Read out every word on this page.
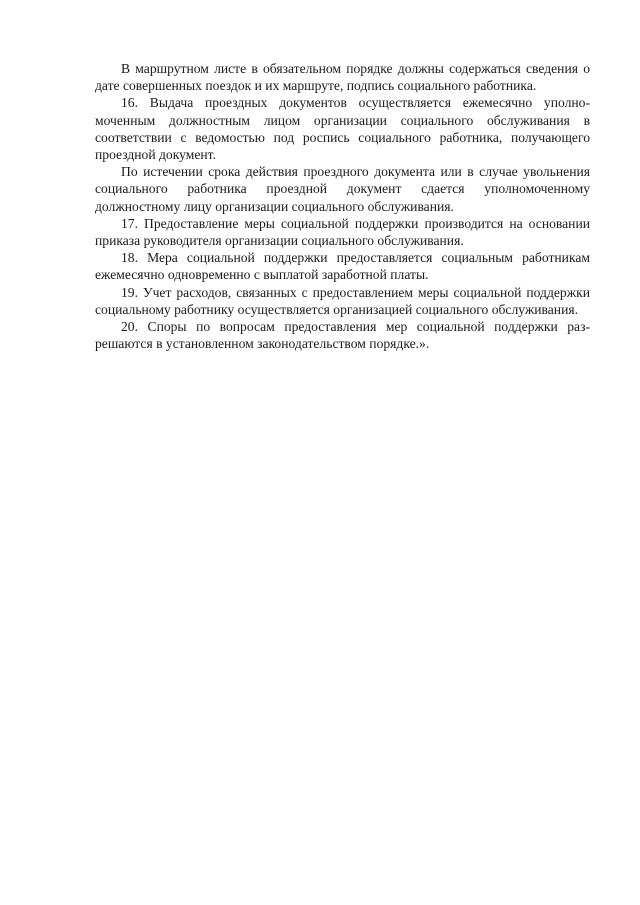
В маршрутном листе в обязательном порядке должны содержаться сведения о дате совершенных поездок и их маршруте, подпись социального работника.

16. Выдача проездных документов осуществляется ежемесячно уполномоченным должностным лицом организации социального обслуживания в соответствии с ведомостью под роспись социального работника, получающего проездной документ.

По истечении срока действия проездного документа или в случае увольнения социального работника проездной документ сдается уполномоченному должностному лицу организации социального обслуживания.

17. Предоставление меры социальной поддержки производится на основании приказа руководителя организации социального обслуживания.

18. Мера социальной поддержки предоставляется социальным работникам ежемесячно одновременно с выплатой заработной платы.

19. Учет расходов, связанных с предоставлением меры социальной поддержки социальному работнику осуществляется организацией социального обслуживания.

20. Споры по вопросам предоставления мер социальной поддержки разрешаются в установленном законодательством порядке.».
